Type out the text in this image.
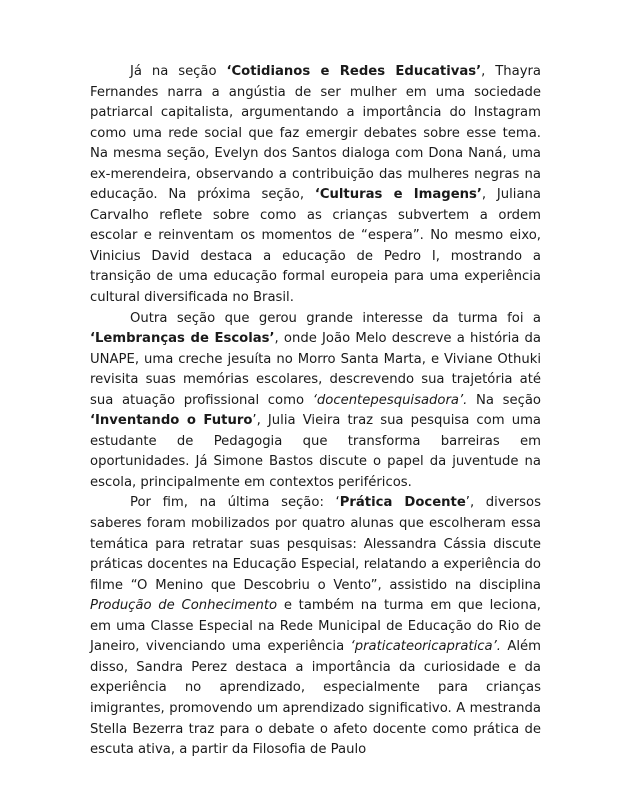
Já na seção ‘Cotidianos e Redes Educativas’, Thayra Fernandes narra a angústia de ser mulher em uma sociedade patriarcal capitalista, argumentando a importância do Instagram como uma rede social que faz emergir debates sobre esse tema. Na mesma seção, Evelyn dos Santos dialoga com Dona Naná, uma ex-merendeira, observando a contribuição das mulheres negras na educação. Na próxima seção, ‘Culturas e Imagens’, Juliana Carvalho reflete sobre como as crianças subvertem a ordem escolar e reinventam os momentos de “espera”. No mesmo eixo, Vinicius David destaca a educação de Pedro I, mostrando a transição de uma educação formal europeia para uma experiência cultural diversificada no Brasil.

Outra seção que gerou grande interesse da turma foi a ‘Lembranças de Escolas’, onde João Melo descreve a história da UNAPE, uma creche jesuíta no Morro Santa Marta, e Viviane Othuki revisita suas memórias escolares, descrevendo sua trajetória até sua atuação profissional como ‘docentepesquisadora’. Na seção ‘Inventando o Futuro’, Julia Vieira traz sua pesquisa com uma estudante de Pedagogia que transforma barreiras em oportunidades. Já Simone Bastos discute o papel da juventude na escola, principalmente em contextos periféricos.

Por fim, na última seção: ‘Prática Docente’, diversos saberes foram mobilizados por quatro alunas que escolheram essa temática para retratar suas pesquisas: Alessandra Cássia discute práticas docentes na Educação Especial, relatando a experiência do filme “O Menino que Descobriu o Vento”, assistido na disciplina Produção de Conhecimento e também na turma em que leciona, em uma Classe Especial na Rede Municipal de Educação do Rio de Janeiro, vivenciando uma experiência ‘praticateoricapratica’. Além disso, Sandra Perez destaca a importância da curiosidade e da experiência no aprendizado, especialmente para crianças imigrantes, promovendo um aprendizado significativo. A mestranda Stella Bezerra traz para o debate o afeto docente como prática de escuta ativa, a partir da Filosofia de Paulo
